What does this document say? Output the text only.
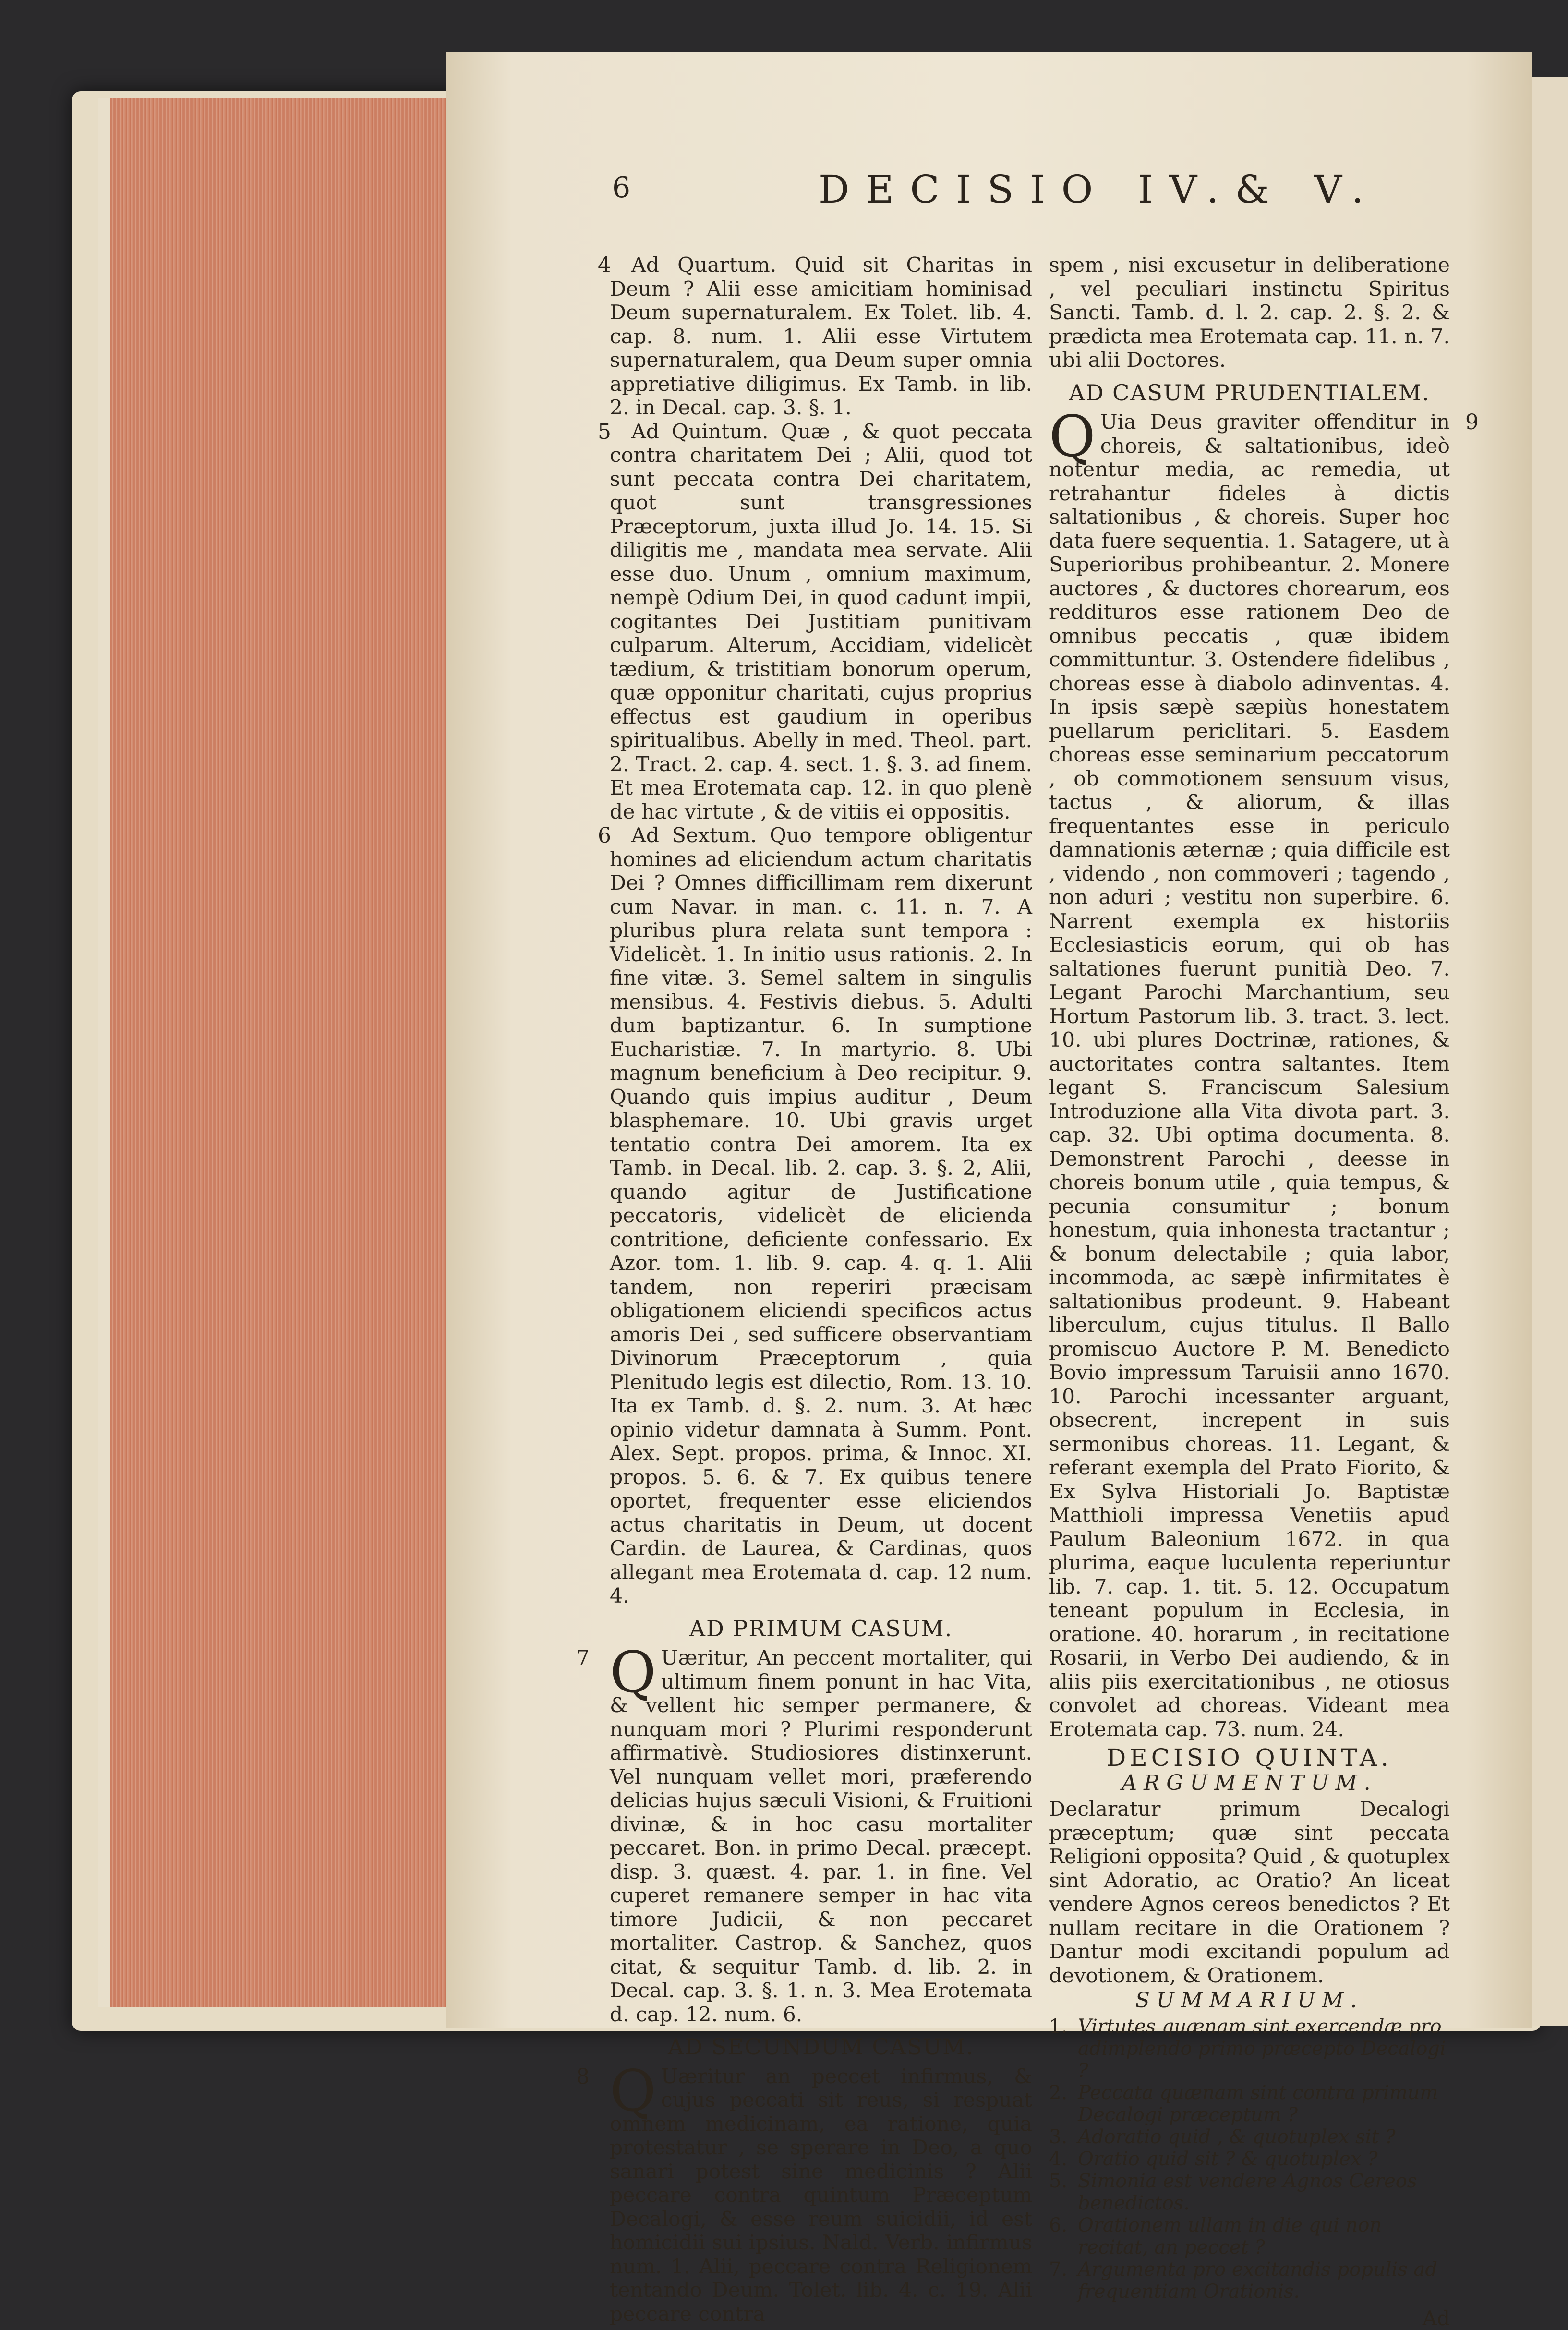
6	DECISIO IV.& V.

4 Ad Quartum. Quid sit Charitas in Deum ? Alii esse amicitiam hominisad Deum supernaturalem. Ex Tolet. lib. 4. cap. 8. num. 1. Alii esse Virtutem supernaturalem, qua Deum super omnia appretiative diligimus. Ex Tamb. in lib. 2. in Decal. cap. 3. §. 1.

5 Ad Quintum. Quæ , & quot peccata contra charitatem Dei ; Alii, quod tot sunt peccata contra Dei charitatem, quot sunt transgressiones Præceptorum, juxta illud Jo. 14. 15. Si diligitis me , mandata mea servate. Alii esse duo. Unum , omnium maximum, nempè Odium Dei, in quod cadunt impii, cogitantes Dei Justitiam punitivam culparum. Alterum, Accidiam, videlicèt tædium, & tristitiam bonorum operum, quæ opponitur charitati, cujus proprius effectus est gaudium in operibus spiritualibus. Abelly in med. Theol. part. 2. Tract. 2. cap. 4. sect. 1. §. 3. ad finem. Et mea Erotemata cap. 12. in quo plenè de hac virtute , & de vitiis ei oppositis.

6 Ad Sextum. Quo tempore obligentur homines ad eliciendum actum charitatis Dei ? Omnes difficillimam rem dixerunt cum Navar. in man. c. 11. n. 7. A pluribus plura relata sunt tempora : Videlicèt. 1. In initio usus rationis. 2. In fine vitæ. 3. Semel saltem in singulis mensibus. 4. Festivis diebus. 5. Adulti dum baptizantur. 6. In sumptione Eucharistiæ. 7. In martyrio. 8. Ubi magnum beneficium à Deo recipitur. 9. Quando quis impius auditur , Deum blasphemare. 10. Ubi gravis urget tentatio contra Dei amorem. Ita ex Tamb. in Decal. lib. 2. cap. 3. §. 2, Alii, quando agitur de Justificatione peccatoris, videlicèt de elicienda contritione, deficiente confessario. Ex Azor. tom. 1. lib. 9. cap. 4. q. 1. Alii tandem, non reperiri præcisam obligationem eliciendi specificos actus amoris Dei , sed sufficere observantiam Divinorum Præceptorum , quia Plenitudo legis est dilectio, Rom. 13. 10. Ita ex Tamb. d. §. 2. num. 3. At hæc opinio videtur damnata à Summ. Pont. Alex. Sept. propos. prima, & Innoc. XI. propos. 5. 6. & 7. Ex quibus tenere oportet, frequenter esse eliciendos actus charitatis in Deum, ut docent Cardin. de Laurea, & Cardinas, quos allegant mea Erotemata d. cap. 12 num. 4.

AD PRIMUM CASUM.

7 Q Uæritur, An peccent mortaliter, qui ultimum finem ponunt in hac Vita, & vellent hic semper permanere, & nunquam mori ? Plurimi responderunt affirmativè. Studiosiores distinxerunt. Vel nunquam vellet mori, præferendo delicias hujus sæculi Visioni, & Fruitioni divinæ, & in hoc casu mortaliter peccaret. Bon. in primo Decal. præcept. disp. 3. quæst. 4. par. 1. in fine. Vel cuperet remanere semper in hac vita timore Judicii, & non peccaret mortaliter. Castrop. & Sanchez, quos citat, & sequitur Tamb. d. lib. 2. in Decal. cap. 3. §. 1. n. 3. Mea Erotemata d. cap. 12. num. 6.

AD SECUNDUM CASUM.

8 Q Uæritur an peccet infirmus, & cujus peccati sit reus, si respuat omnem medicinam, ea ratione, quia protestatur , se sperare in Deo, a quo sanari potest sine medicinis ? Alii peccare contra quintum Præceptum Decalogi, & esse reum suicidii, id est homicidii sui ipsius. Nald. Verb. infirmus num. 1. Alii, peccare contra Religionem tentando Deum. Tolet. lib. 4. c. 19. Alii peccare contra

spem , nisi excusetur in deliberatione , vel peculiari instinctu Spiritus Sancti. Tamb. d. l. 2. cap. 2. §. 2. & prædicta mea Erotemata cap. 11. n. 7. ubi alii Doctores.

AD CASUM PRUDENTIALEM.

9
Q Uia Deus graviter offenditur in choreis, & saltationibus, ideò notentur media, ac remedia, ut retrahantur fideles à dictis saltationibus , & choreis. Super hoc data fuere sequentia. 1. Satagere, ut à Superioribus prohibeantur. 2. Monere auctores , & ductores chorearum, eos reddituros esse rationem Deo de omnibus peccatis , quæ ibidem committuntur. 3. Ostendere fidelibus , choreas esse à diabolo adinventas. 4. In ipsis sæpè sæpiùs honestatem puellarum periclitari. 5. Easdem choreas esse seminarium peccatorum , ob commotionem sensuum visus, tactus , & aliorum, & illas frequentantes esse in periculo damnationis æternæ ; quia difficile est , videndo , non commoveri ; tagendo , non aduri ; vestitu non superbire. 6. Narrent exempla ex historiis Ecclesiasticis eorum, qui ob has saltationes fuerunt punitià Deo. 7. Legant Parochi Marchantium, seu Hortum Pastorum lib. 3. tract. 3. lect. 10. ubi plures Doctrinæ, rationes, & auctoritates contra saltantes. Item legant S. Franciscum Salesium Introduzione alla Vita divota part. 3. cap. 32. Ubi optima documenta. 8. Demonstrent Parochi , deesse in choreis bonum utile , quia tempus, & pecunia consumitur ; bonum honestum, quia inhonesta tractantur ; & bonum delectabile ; quia labor, incommoda, ac sæpè infirmitates è saltationibus prodeunt. 9. Habeant liberculum, cujus titulus. Il Ballo promiscuo Auctore P. M. Benedicto Bovio impressum Taruisii anno 1670. 10. Parochi incessanter arguant, obsecrent, increpent in suis sermonibus choreas. 11. Legant, & referant exempla del Prato Fiorito, & Ex Sylva Historiali Jo. Baptistæ Matthioli impressa Venetiis apud Paulum Baleonium 1672. in qua plurima, eaque luculenta reperiuntur lib. 7. cap. 1. tit. 5. 12. Occupatum teneant populum in Ecclesia, in oratione. 40. horarum , in recitatione Rosarii, in Verbo Dei audiendo, & in aliis piis exercitationibus , ne otiosus convolet ad choreas. Videant mea Erotemata cap. 73. num. 24.

DECISIO QUINTA.

ARGUMENTUM.

Declaratur primum Decalogi præceptum; quæ sint peccata Religioni opposita? Quid , & quotuplex sint Adoratio, ac Oratio? An liceat vendere Agnos cereos benedictos ? Et nullam recitare in die Orationem ? Dantur modi excitandi populum ad devotionem, & Orationem.

SUMMARIUM.

1. Virtutes quænam sint exercendæ pro adimplendo primo præcepto Decalogi ?
2. Peccata quænam sint contra primum Decalogi præceptum ?
3. Adoratio quid , & quotuplex sit ?
4. Oratio quid sit ? & quotuplex ?
5. Simonia est vendere Agnos Cereos benedictos.
6. Orationem ullam in die qui non recitat, an peccet ?
7. Argumenta pro excitandis populis ad frequentiam Orationis.

Ad
